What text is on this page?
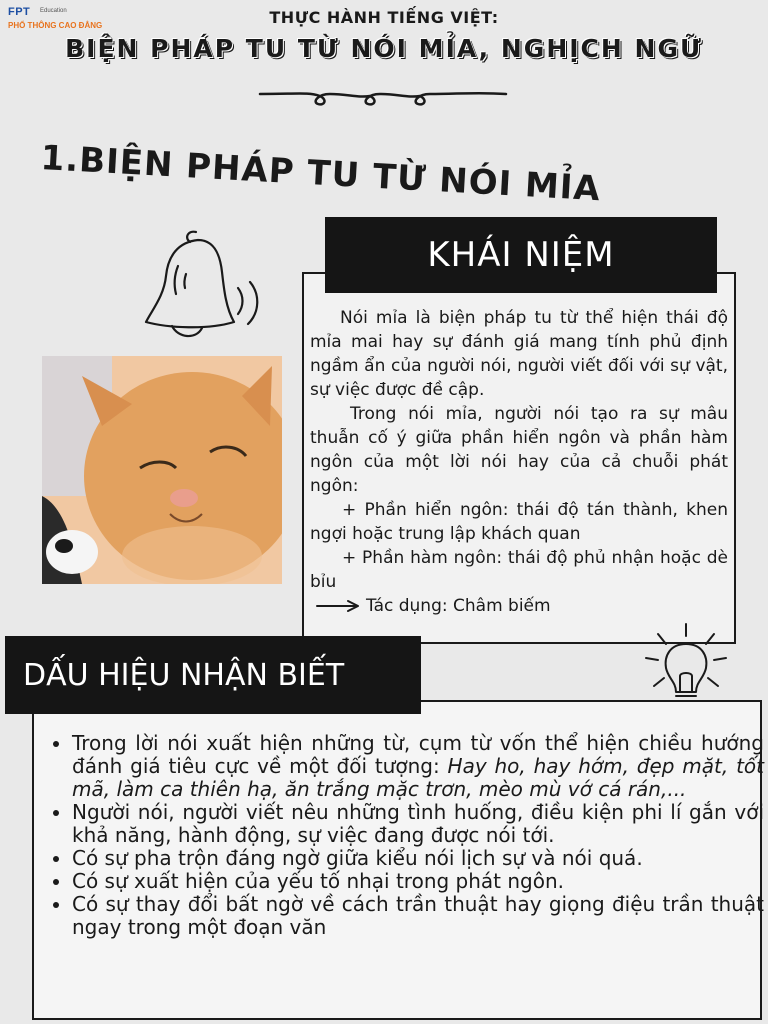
FPT Education
PHỔ THÔNG CAO ĐẲNG	THỰC HÀNH TIẾNG VIỆT:
BIỆN PHÁP TU TỪ NÓI MỈA, NGHỊCH NGỮ
1.BIỆN PHÁP TU TỪ NÓI MỈA
KHÁI NIỆM

Nói mỉa là biện pháp tu từ thể hiện thái độ mỉa mai hay sự đánh giá mang tính phủ định ngầm ẩn của người nói, người viết đối với sự vật, sự việc được đề cập.

Trong nói mỉa, người nói tạo ra sự mâu thuẫn cố ý giữa phần hiển ngôn và phần hàm ngôn của một lời nói hay của cả chuỗi phát ngôn:

+ Phần hiển ngôn: thái độ tán thành, khen ngợi hoặc trung lập khách quan

+ Phần hàm ngôn: thái độ phủ nhận hoặc dè bỉu

Tác dụng: Châm biếm
DẤU HIỆU NHẬN BIẾT
• Trong lời nói xuất hiện những từ, cụm từ vốn thể hiện chiều hướng đánh giá tiêu cực về một đối tượng: Hay ho, hay hớm, đẹp mặt, tốt mã, làm ca thiên hạ, ăn trắng mặc trơn, mèo mù vớ cá rán,...
• Người nói, người viết nêu những tình huống, điều kiện phi lí gắn với khả năng, hành động, sự việc đang được nói tới.
• Có sự pha trộn đáng ngờ giữa kiểu nói lịch sự và nói quá.
• Có sự xuất hiện của yếu tố nhại trong phát ngôn.
• Có sự thay đổi bất ngờ về cách trần thuật hay giọng điệu trần thuật ngay trong một đoạn văn
